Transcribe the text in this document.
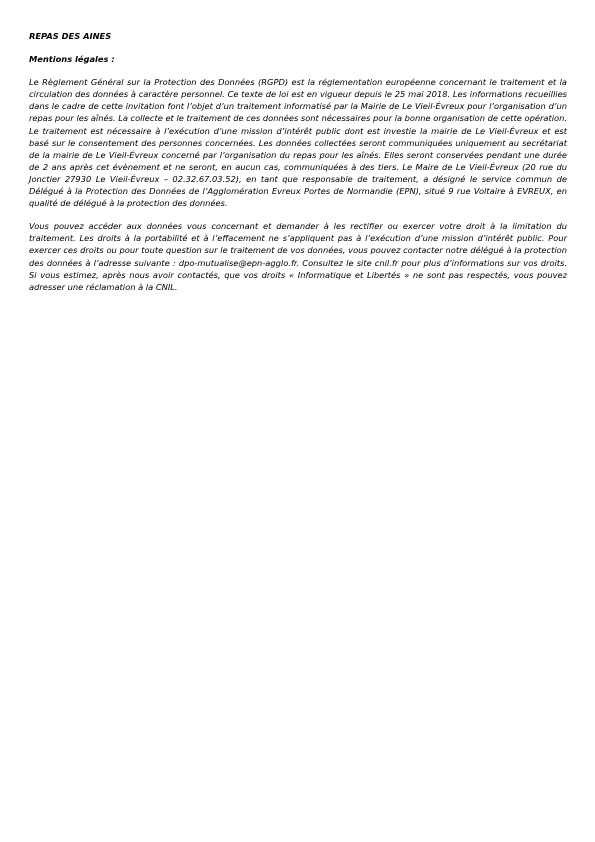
REPAS DES AINES

Mentions légales :

Le Règlement Général sur la Protection des Données (RGPD) est la réglementation européenne concernant le traitement et la circulation des données à caractère personnel. Ce texte de loi est en vigueur depuis le 25 mai 2018. Les informations recueillies dans le cadre de cette invitation font l’objet d’un traitement informatisé par la Mairie de Le Vieil-Évreux pour l’organisation d’un repas pour les aînés. La collecte et le traitement de ces données sont nécessaires pour la bonne organisation de cette opération. Le traitement est nécessaire à l’exécution d’une mission d’intérêt public dont est investie la mairie de Le Vieil-Évreux et est basé sur le consentement des personnes concernées. Les données collectées seront communiquées uniquement au secrétariat de la mairie de Le Vieil-Évreux concerné par l’organisation du repas pour les aînés. Elles seront conservées pendant une durée de 2 ans après cet évènement et ne seront, en aucun cas, communiquées à des tiers. Le Maire de Le Vieil-Évreux (20 rue du Jonctier 27930 Le Vieil-Évreux – 02.32.67.03.52), en tant que responsable de traitement, a désigné le service commun de Délégué à la Protection des Données de l’Agglomération Evreux Portes de Normandie (EPN), situé 9 rue Voltaire à EVREUX, en qualité de délégué à la protection des données.

Vous pouvez accéder aux données vous concernant et demander à les rectifier ou exercer votre droit à la limitation du traitement. Les droits à la portabilité et à l’effacement ne s’appliquent pas à l’exécution d’une mission d’intérêt public. Pour exercer ces droits ou pour toute question sur le traitement de vos données, vous pouvez contacter notre délégué à la protection des données à l’adresse suivante : dpo-mutualise@epn-agglo.fr. Consultez le site cnil.fr pour plus d’informations sur vos droits. Si vous estimez, après nous avoir contactés, que vos droits « Informatique et Libertés » ne sont pas respectés, vous pouvez adresser une réclamation à la CNIL.
